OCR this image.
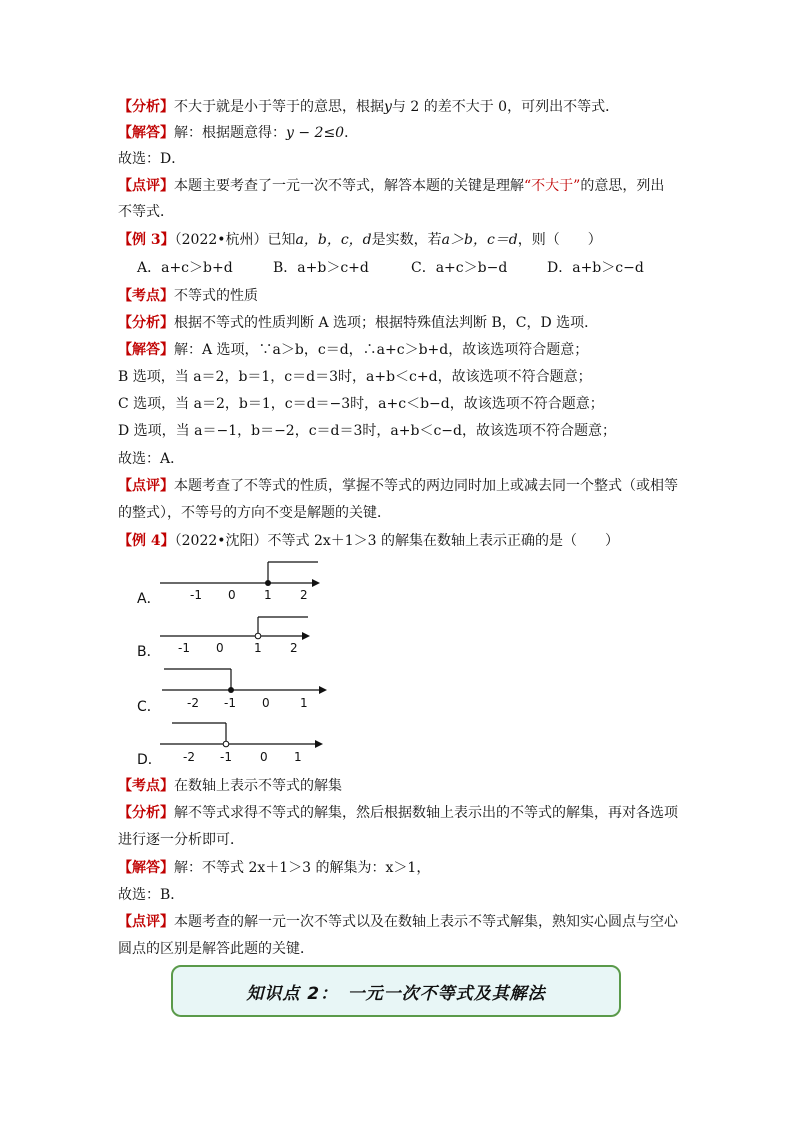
【分析】不大于就是小于等于的意思，根据y与 2 的差不大于 0，可列出不等式．
【解答】解：根据题意得：y − 2≤0．
故选：D．
【点评】本题主要考查了一元一次不等式，解答本题的关键是理解“不大于”的意思，列出
不等式．
【例 3】（2022•杭州）已知a，b，c，d是实数，若a＞b，c＝d，则（　　）
A．a+c＞b+d	B．a+b＞c+d	C．a+c＞b−d	D．a+b＞c−d
【考点】不等式的性质
【分析】根据不等式的性质判断 A 选项；根据特殊值法判断 B，C，D 选项．
【解答】解：A 选项，∵a＞b，c＝d，∴a+c＞b+d，故该选项符合题意；
B 选项，当 a＝2，b＝1，c＝d＝3时，a+b＜c+d，故该选项不符合题意；
C 选项，当 a＝2，b＝1，c＝d＝−3时，a+c＜b−d，故该选项不符合题意；
D 选项，当 a＝−1，b＝−2，c＝d＝3时，a+b＜c−d，故该选项不符合题意；
故选：A．
【点评】本题考查了不等式的性质，掌握不等式的两边同时加上或减去同一个整式（或相等
的整式），不等号的方向不变是解题的关键．
【例 4】（2022•沈阳）不等式 2x＋1＞3 的解集在数轴上表示正确的是（　　）
A． -1 0 1 2
B． -1 0	1 2
C． -2 -1 0	1
D． -2 -1 0 1
【考点】在数轴上表示不等式的解集
【分析】解不等式求得不等式的解集，然后根据数轴上表示出的不等式的解集，再对各选项
进行逐一分析即可．
【解答】解：不等式 2x＋1＞3 的解集为：x＞1，
故选：B．
【点评】本题考查的解一元一次不等式以及在数轴上表示不等式解集，熟知实心圆点与空心
圆点的区别是解答此题的关键．
知识点 2：　一元一次不等式及其解法
